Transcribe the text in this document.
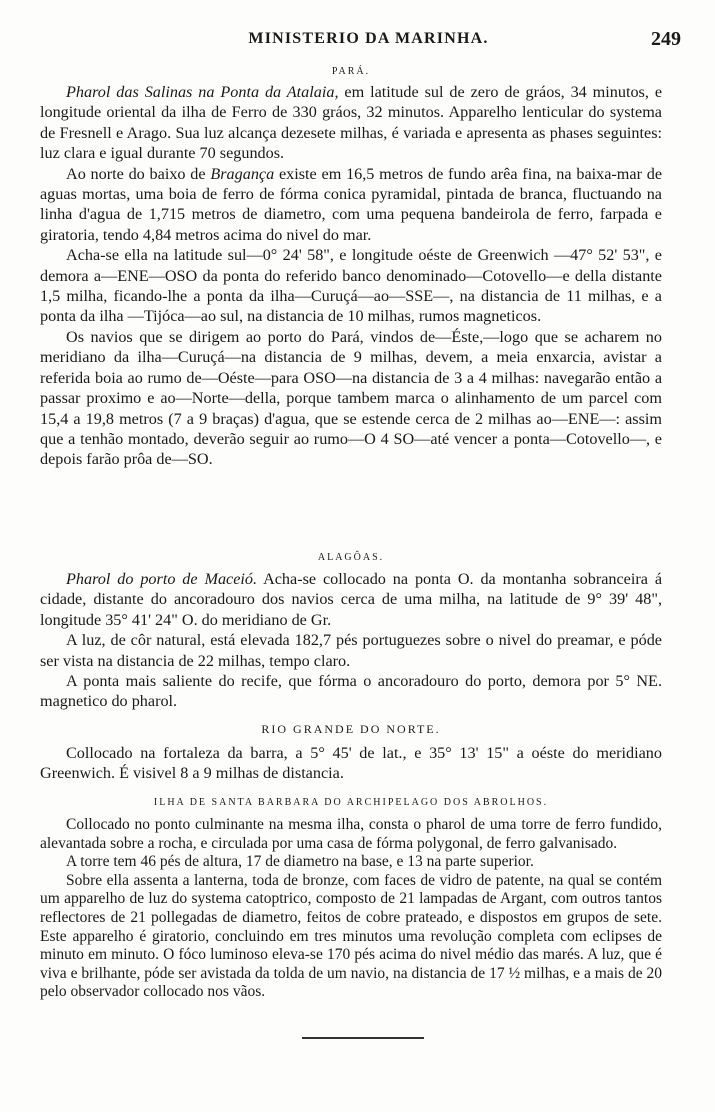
MINISTERIO DA MARINHA.	249
PARÁ.

Pharol das Salinas na Ponta da Atalaia, em latitude sul de zero de gráos, 34 minutos, e longitude oriental da ilha de Ferro de 330 gráos, 32 minutos. Apparelho lenticular do systema de Fresnell e Arago. Sua luz alcança dezesete milhas, é variada e apresenta as phases seguintes: luz clara e igual durante 70 segundos.

Ao norte do baixo de Bragança existe em 16,5 metros de fundo arêa fina, na baixa-mar de aguas mortas, uma boia de ferro de fórma conica pyramidal, pintada de branca, fluctuando na linha d'agua de 1,715 metros de diametro, com uma pequena bandeirola de ferro, farpada e giratoria, tendo 4,84 metros acima do nivel do mar.

Acha-se ella na latitude sul—0° 24' 58", e longitude oéste de Greenwich —47° 52' 53", e demora a—ENE—OSO da ponta do referido banco denominado—Cotovello—e della distante 1,5 milha, ficando-lhe a ponta da ilha—Curuçá—ao—SSE—, na distancia de 11 milhas, e a ponta da ilha —Tijóca—ao sul, na distancia de 10 milhas, rumos magneticos.

Os navios que se dirigem ao porto do Pará, vindos de—Éste,—logo que se acharem no meridiano da ilha—Curuçá—na distancia de 9 milhas, devem, a meia enxarcia, avistar a referida boia ao rumo de—Oéste—para OSO—na distancia de 3 a 4 milhas: navegarão então a passar proximo e ao—Norte—della, porque tambem marca o alinhamento de um parcel com 15,4 a 19,8 metros (7 a 9 braças) d'agua, que se estende cerca de 2 milhas ao—ENE—: assim que a tenhão montado, deverão seguir ao rumo—O 4 SO—até vencer a ponta—Cotovello—, e depois farão prôa de—SO.

ALAGÔAS.

Pharol do porto de Maceió. Acha-se collocado na ponta O. da montanha sobranceira á cidade, distante do ancoradouro dos navios cerca de uma milha, na latitude de 9° 39' 48", longitude 35° 41' 24" O. do meridiano de Gr.

A luz, de côr natural, está elevada 182,7 pés portuguezes sobre o nivel do preamar, e póde ser vista na distancia de 22 milhas, tempo claro.

A ponta mais saliente do recife, que fórma o ancoradouro do porto, demora por 5° NE. magnetico do pharol.

RIO GRANDE DO NORTE.

Collocado na fortaleza da barra, a 5° 45' de lat., e 35° 13' 15" a oéste do meridiano Greenwich. É visivel 8 a 9 milhas de distancia.

ILHA DE SANTA BARBARA DO ARCHIPELAGO DOS ABROLHOS.

Collocado no ponto culminante na mesma ilha, consta o pharol de uma torre de ferro fundido, alevantada sobre a rocha, e circulada por uma casa de fórma polygonal, de ferro galvanisado.

A torre tem 46 pés de altura, 17 de diametro na base, e 13 na parte superior.

Sobre ella assenta a lanterna, toda de bronze, com faces de vidro de patente, na qual se contém um apparelho de luz do systema catoptrico, composto de 21 lampadas de Argant, com outros tantos reflectores de 21 pollegadas de diametro, feitos de cobre prateado, e dispostos em grupos de sete. Este apparelho é giratorio, concluindo em tres minutos uma revolução completa com eclipses de minuto em minuto. O fóco luminoso eleva-se 170 pés acima do nivel médio das marés. A luz, que é viva e brilhante, póde ser avistada da tolda de um navio, na distancia de 17 ½ milhas, e a mais de 20 pelo observador collocado nos vãos.
